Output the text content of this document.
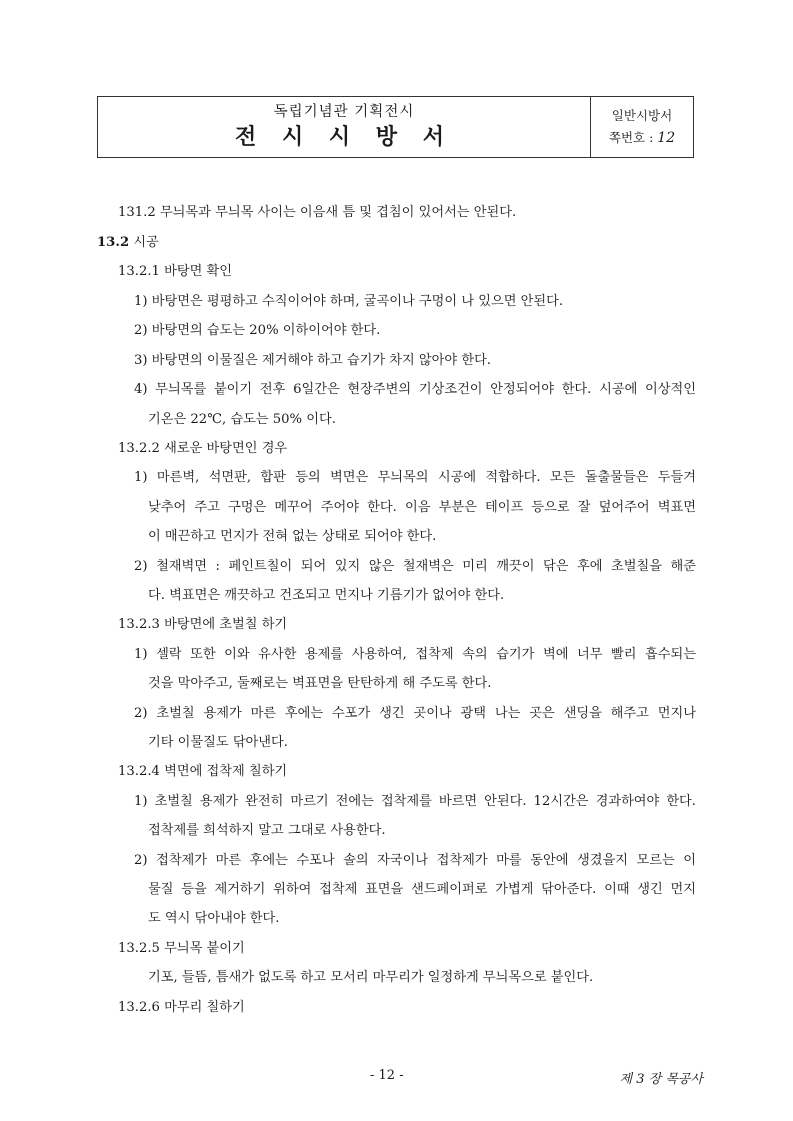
독립기념관 기획전시
전 시 시 방 서
일반시방서
쪽번호 : 12
131.2 무늬목과 무늬목 사이는 이음새 틈 및 겹침이 있어서는 안된다.
13.2 시공
13.2.1 바탕면 확인
1) 바탕면은 평평하고 수직이어야 하며, 굴곡이나 구멍이 나 있으면 안된다.
2) 바탕면의 습도는 20% 이하이어야 한다.
3) 바탕면의 이물질은 제거해야 하고 습기가 차지 않아야 한다.
4) 무늬목를 붙이기 전후 6일간은 현장주변의 기상조건이 안정되어야 한다. 시공에 이상적인
기온은 22℃, 습도는 50% 이다.
13.2.2 새로운 바탕면인 경우
1) 마른벽, 석면판, 합판 등의 벽면은 무늬목의 시공에 적합하다. 모든 돌출물들은 두들겨
낮추어 주고 구멍은 메꾸어 주어야 한다. 이음 부분은 테이프 등으로 잘 덮어주어 벽표면
이 매끈하고 먼지가 전혀 없는 상태로 되어야 한다.
2) 철재벽면 : 페인트칠이 되어 있지 않은 철재벽은 미리 깨끗이 닦은 후에 초벌칠을 해준
다. 벽표면은 깨끗하고 건조되고 먼지나 기름기가 없어야 한다.
13.2.3 바탕면에 초벌칠 하기
1) 셀락 또한 이와 유사한 용제를 사용하여, 접착제 속의 습기가 벽에 너무 빨리 흡수되는
것을 막아주고, 둘째로는 벽표면을 탄탄하게 해 주도록 한다.
2) 초벌칠 용제가 마른 후에는 수포가 생긴 곳이나 광택 나는 곳은 샌딩을 해주고 먼지나
기타 이물질도 닦아낸다.
13.2.4 벽면에 접착제 칠하기
1) 초벌칠 용제가 완전히 마르기 전에는 접착제를 바르면 안된다. 12시간은 경과하여야 한다.
접착제를 희석하지 말고 그대로 사용한다.
2) 접착제가 마른 후에는 수포나 솔의 자국이나 접착제가 마를 동안에 생겼을지 모르는 이
물질 등을 제거하기 위하여 접착제 표면을 샌드페이퍼로 가볍게 닦아준다. 이때 생긴 먼지
도 역시 닦아내야 한다.
13.2.5 무늬목 붙이기
기포, 들뜸, 틈새가 없도록 하고 모서리 마무리가 일정하게 무늬목으로 붙인다.
13.2.6 마무리 칠하기
- 12 -	제 3 장 목공사
